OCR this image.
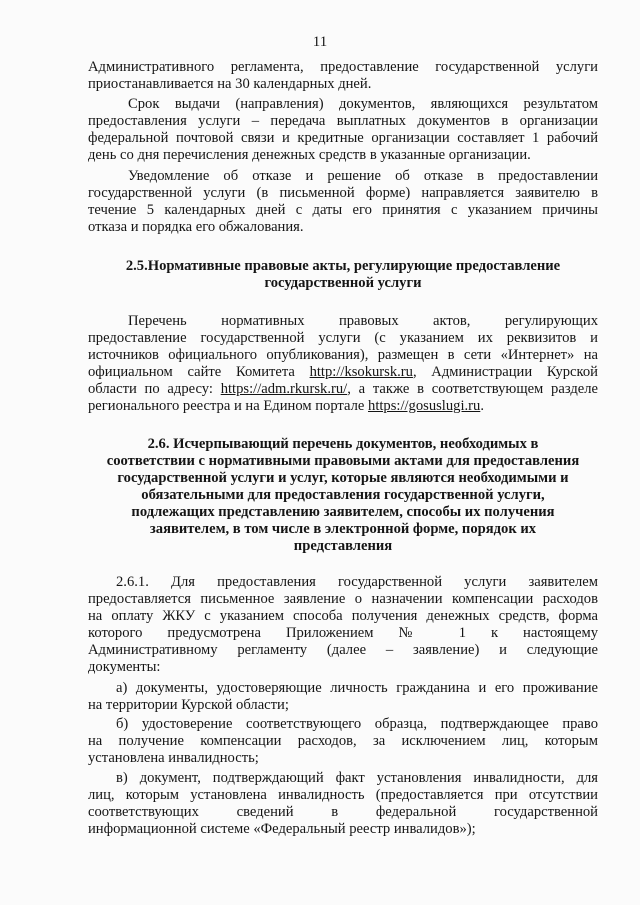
11
Административного регламента, предоставление государственной услуги
приостанавливается на 30 календарных дней.
Срок выдачи (направления) документов, являющихся результатом
предоставления услуги – передача выплатных документов в организации
федеральной почтовой связи и кредитные организации составляет 1 рабочий
день со дня перечисления денежных средств в указанные организации.
Уведомление об отказе и решение об отказе в предоставлении
государственной услуги (в письменной форме) направляется заявителю в
течение 5 календарных дней с даты его принятия с указанием причины
отказа и порядка его обжалования.
2.5.Нормативные правовые акты, регулирующие предоставление
государственной услуги
Перечень нормативных правовых актов, регулирующих
предоставление государственной услуги (с указанием их реквизитов и
источников официального опубликования), размещен в сети «Интернет» на
официальном сайте Комитета http://ksokursk.ru, Администрации Курской
области по адресу: https://adm.rkursk.ru/, а также в соответствующем разделе
регионального реестра и на Едином портале https://gosuslugi.ru.
2.6. Исчерпывающий перечень документов, необходимых в
соответствии с нормативными правовыми актами для предоставления
государственной услуги и услуг, которые являются необходимыми и
обязательными для предоставления государственной услуги,
подлежащих представлению заявителем, способы их получения
заявителем, в том числе в электронной форме, порядок их
представления
2.6.1. Для предоставления государственной услуги заявителем
предоставляется письменное заявление о назначении компенсации расходов
на оплату ЖКУ с указанием способа получения денежных средств, форма
которого предусмотрена Приложением № 1 к настоящему
Административному регламенту (далее – заявление) и следующие
документы:
а) документы, удостоверяющие личность гражданина и его проживание
на территории Курской области;
б) удостоверение соответствующего образца, подтверждающее право
на получение компенсации расходов, за исключением лиц, которым
установлена инвалидность;
в) документ, подтверждающий факт установления инвалидности, для
лиц, которым установлена инвалидность (предоставляется при отсутствии
соответствующих сведений в федеральной государственной
информационной системе «Федеральный реестр инвалидов»);
